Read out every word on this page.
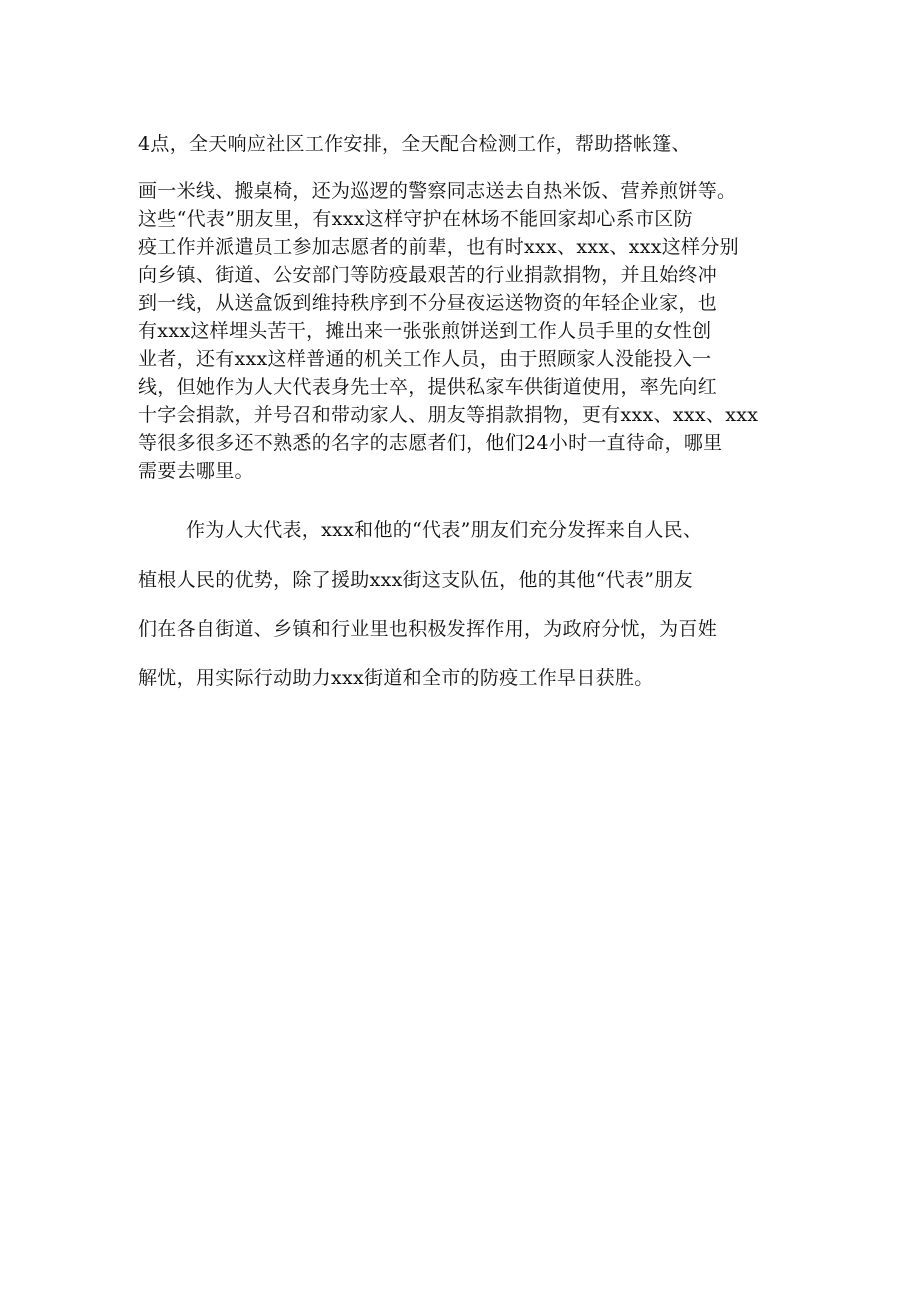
4点，全天响应社区工作安排，全天配合检测工作，帮助搭帐篷、
画一米线、搬桌椅，还为巡逻的警察同志送去自热米饭、营养煎饼等。
这些“代表”朋友里，有xxx这样守护在林场不能回家却心系市区防
疫工作并派遣员工参加志愿者的前辈，也有时xxx、xxx、xxx这样分别
向乡镇、街道、公安部门等防疫最艰苦的行业捐款捐物，并且始终冲
到一线，从送盒饭到维持秩序到不分昼夜运送物资的年轻企业家，也
有xxx这样埋头苦干，摊出来一张张煎饼送到工作人员手里的女性创
业者，还有xxx这样普通的机关工作人员，由于照顾家人没能投入一
线，但她作为人大代表身先士卒，提供私家车供街道使用，率先向红
十字会捐款，并号召和带动家人、朋友等捐款捐物，更有xxx、xxx、xxx
等很多很多还不熟悉的名字的志愿者们，他们24小时一直待命，哪里
需要去哪里。
作为人大代表，xxx和他的“代表”朋友们充分发挥来自人民、
植根人民的优势，除了援助xxx街这支队伍，他的其他“代表”朋友
们在各自街道、乡镇和行业里也积极发挥作用，为政府分忧，为百姓
解忧，用实际行动助力xxx街道和全市的防疫工作早日获胜。
